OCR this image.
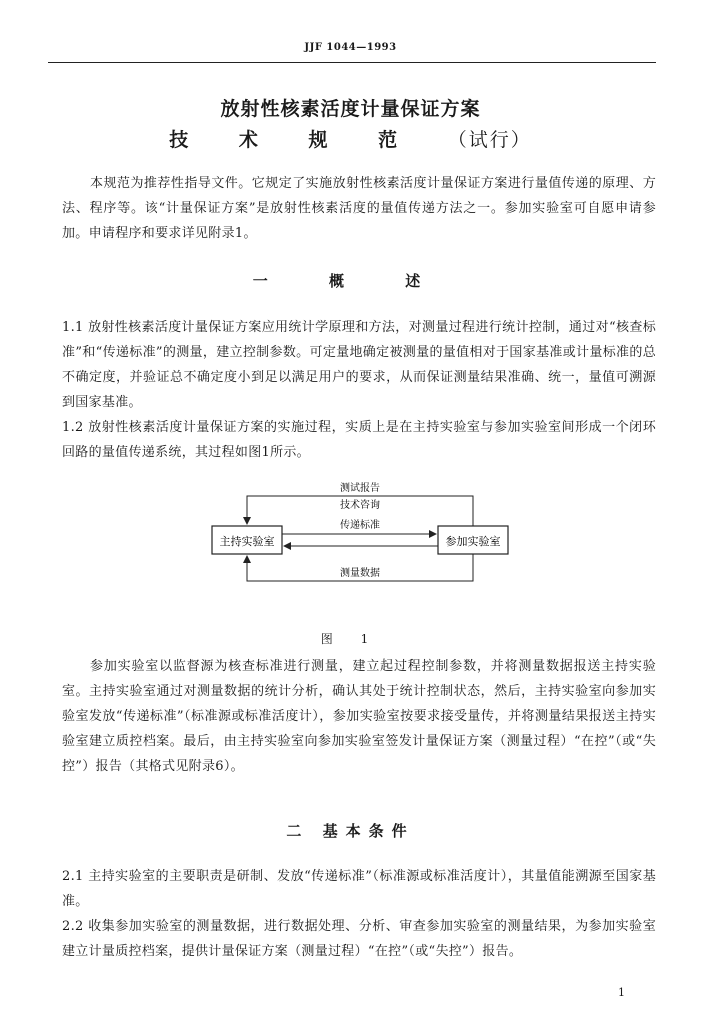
JJF 1044—1993
放射性核素活度计量保证方案
技 术 规 范 （试行）
本规范为推荐性指导文件。它规定了实施放射性核素活度计量保证方案进行量值传递的原理、方法、程序等。该“计量保证方案”是放射性核素活度的量值传递方法之一。参加实验室可自愿申请参加。申请程序和要求详见附录1。
一 概 述
1.1 放射性核素活度计量保证方案应用统计学原理和方法，对测量过程进行统计控制，通过对“核查标准”和“传递标准”的测量，建立控制参数。可定量地确定被测量的量值相对于国家基准或计量标准的总不确定度，并验证总不确定度小到足以满足用户的要求，从而保证测量结果准确、统一，量值可溯源到国家基准。
1.2 放射性核素活度计量保证方案的实施过程，实质上是在主持实验室与参加实验室间形成一个闭环回路的量值传递系统，其过程如图1所示。
主持实验室	参加实验室
测试报告
技术咨询
传递标准
测量数据
图 1
参加实验室以监督源为核查标准进行测量，建立起过程控制参数，并将测量数据报送主持实验室。主持实验室通过对测量数据的统计分析，确认其处于统计控制状态，然后，主持实验室向参加实验室发放“传递标准”（标准源或标准活度计），参加实验室按要求接受量传，并将测量结果报送主持实验室建立质控档案。最后，由主持实验室向参加实验室签发计量保证方案（测量过程）“在控”（或“失控”）报告（其格式见附录6）。
二 基本条件
2.1 主持实验室的主要职责是研制、发放“传递标准”（标准源或标准活度计），其量值能溯源至国家基准。
2.2 收集参加实验室的测量数据，进行数据处理、分析、审查参加实验室的测量结果，为参加实验室建立计量质控档案，提供计量保证方案（测量过程）“在控”（或“失控”）报告。
1
